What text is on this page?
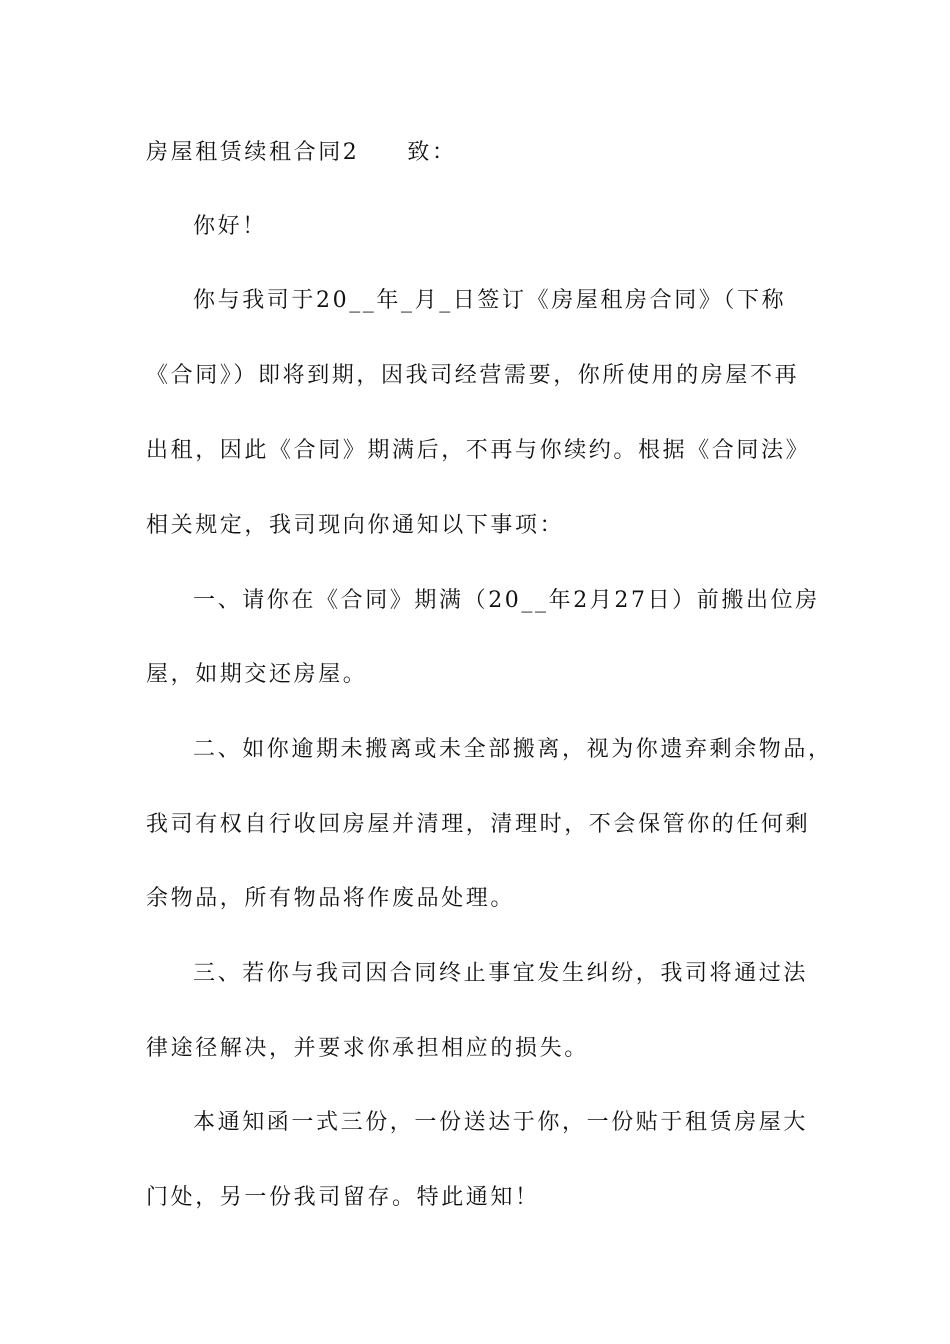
房屋租赁续租合同2 致：
你好！
你与我司于20__年_月_日签订《房屋租房合同》（下称
《合同》）即将到期，因我司经营需要，你所使用的房屋不再
出租，因此《合同》期满后，不再与你续约。根据《合同法》
相关规定，我司现向你通知以下事项：
一、请你在《合同》期满（20__年2月27日）前搬出位房
屋，如期交还房屋。
二、如你逾期未搬离或未全部搬离，视为你遗弃剩余物品，
我司有权自行收回房屋并清理，清理时，不会保管你的任何剩
余物品，所有物品将作废品处理。
三、若你与我司因合同终止事宜发生纠纷，我司将通过法
律途径解决，并要求你承担相应的损失。
本通知函一式三份，一份送达于你，一份贴于租赁房屋大
门处，另一份我司留存。特此通知！
